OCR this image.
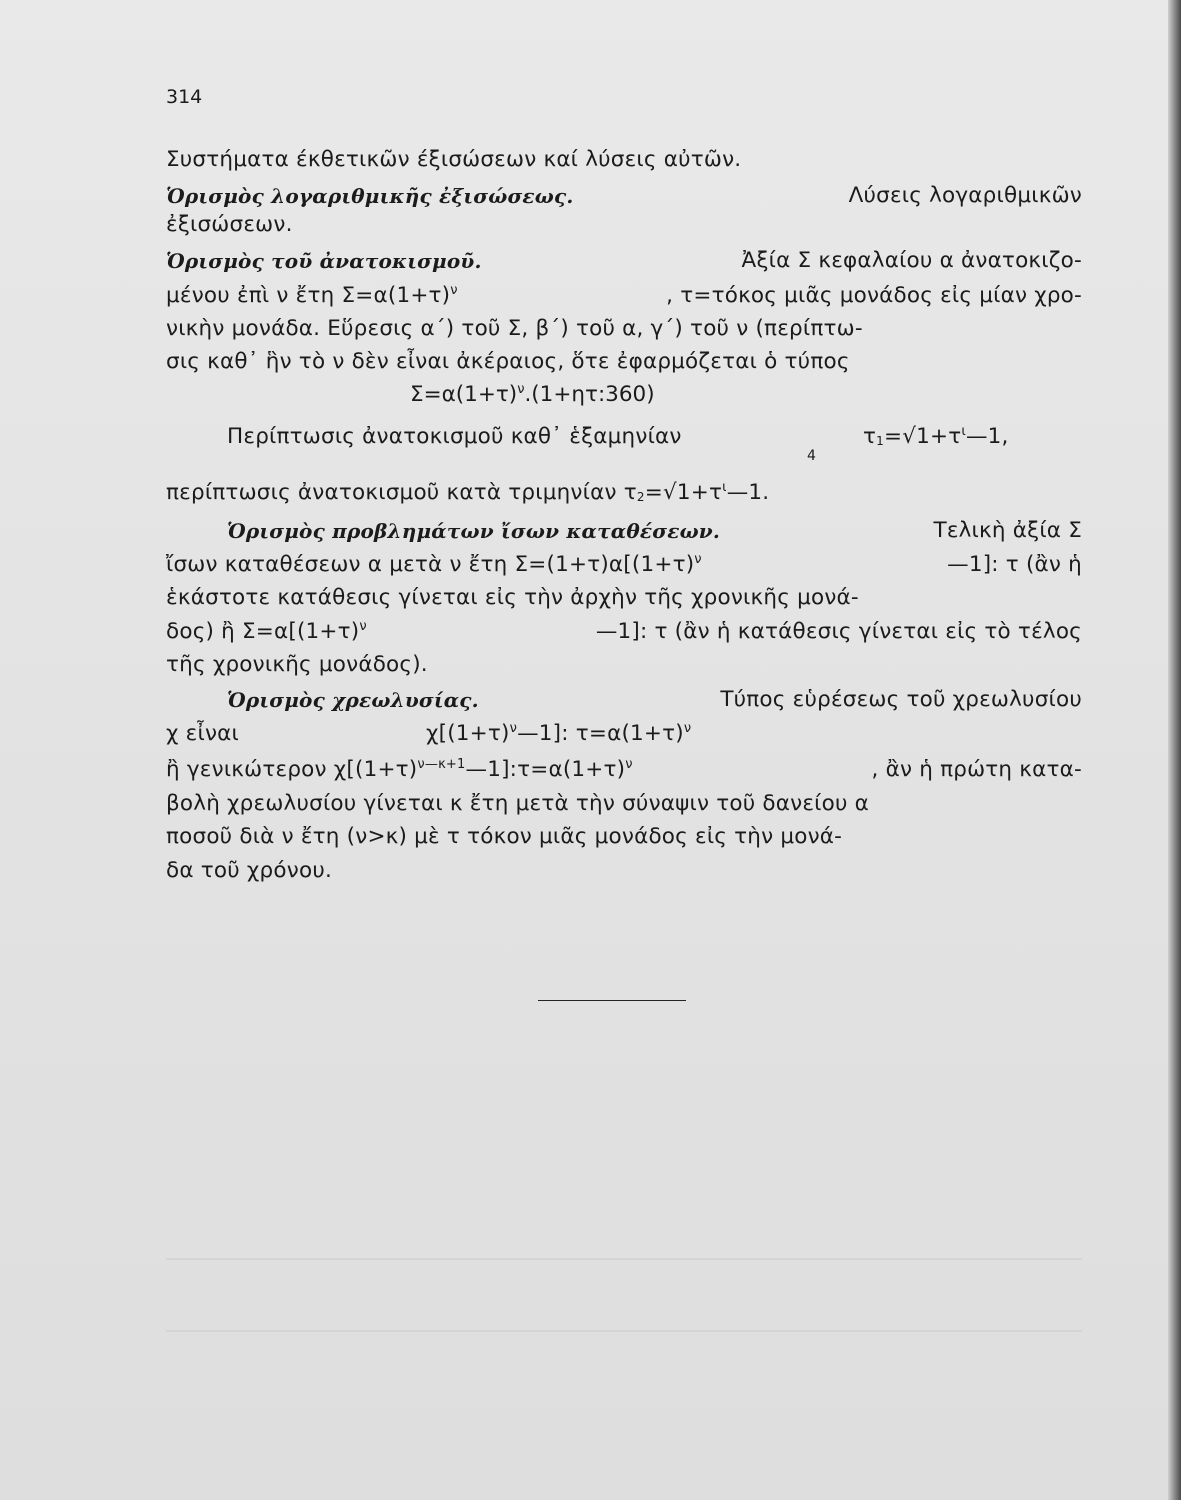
314
Συστήματα έκθετικῶν έξισώσεων καί λύσεις αὐτῶν.
Ὁρισμὸς λογαριθμικῆς ἐξισώσεως.	Λύσεις λογαριθμικῶν
ἐξισώσεων.
Ὁρισμὸς τοῦ ἀνατοκισμοῦ.	Ἀξία Σ κεφαλαίου α ἀνατοκιζο-
μένου ἐπὶ ν ἔτη $\Sigma=\alpha(1+\tau)^\nu$	, τ=τόκος μιᾶς μονάδος εἰς μίαν χρο-
νικὴν μονάδα. Εὕρεσις α΄) τοῦ Σ, β΄) τοῦ α, γ΄) τοῦ ν (περίπτω-
σις καθ᾽ ἣν τὸ ν δὲν εἶναι ἀκέραιος, ὅτε ἐφαρμόζεται ὁ τύπος
$\Sigma=\alpha(1+\tau)^\nu.(1+\eta\tau:360)$
Περίπτωσις ἀνατοκισμοῦ καθ᾽ ἑξαμηνίαν	$\tau_1=√1+\tau^\iota—1$,
4
περίπτωσις ἀνατοκισμοῦ κατὰ τριμηνίαν $\tau_2=√1+\tau^\iota—1$.
Ὁρισμὸς προβλημάτων ἴσων καταθέσεων.	Τελικὴ ἀξία Σ
ἴσων καταθέσεων α μετὰ ν ἔτη $\Sigma=(1+\tau)\alpha[(1+\tau)^\nu$	—1]: τ (ἂν ἡ
ἑκάστοτε κατάθεσις γίνεται εἰς τὴν ἀρχὴν τῆς χρονικῆς μονά-
δος) ἢ $\Sigma=\alpha[(1+\tau)^\nu$	—1]: τ (ἂν ἡ κατάθεσις γίνεται εἰς τὸ τέλος
τῆς χρονικῆς μονάδος).
Ὁρισμὸς χρεωλυσίας.	Τύπος εὑρέσεως τοῦ χρεωλυσίου
χ εἶναι	$\chi[(1+\tau)^\nu—1]$: $\tau=\alpha(1+\tau)^\nu$
ἢ γενικώτερον $\chi[(1+\tau)^{\nu—\kappa+1}—1]:\tau=\alpha(1+\tau)^\nu$	, ἂν ἡ πρώτη κατα-
βολὴ χρεωλυσίου γίνεται κ ἔτη μετὰ τὴν σύναψιν τοῦ δανείου α
ποσοῦ διὰ ν ἔτη (ν>κ) μὲ τ τόκον μιᾶς μονάδος εἰς τὴν μονά-
δα τοῦ χρόνου.
